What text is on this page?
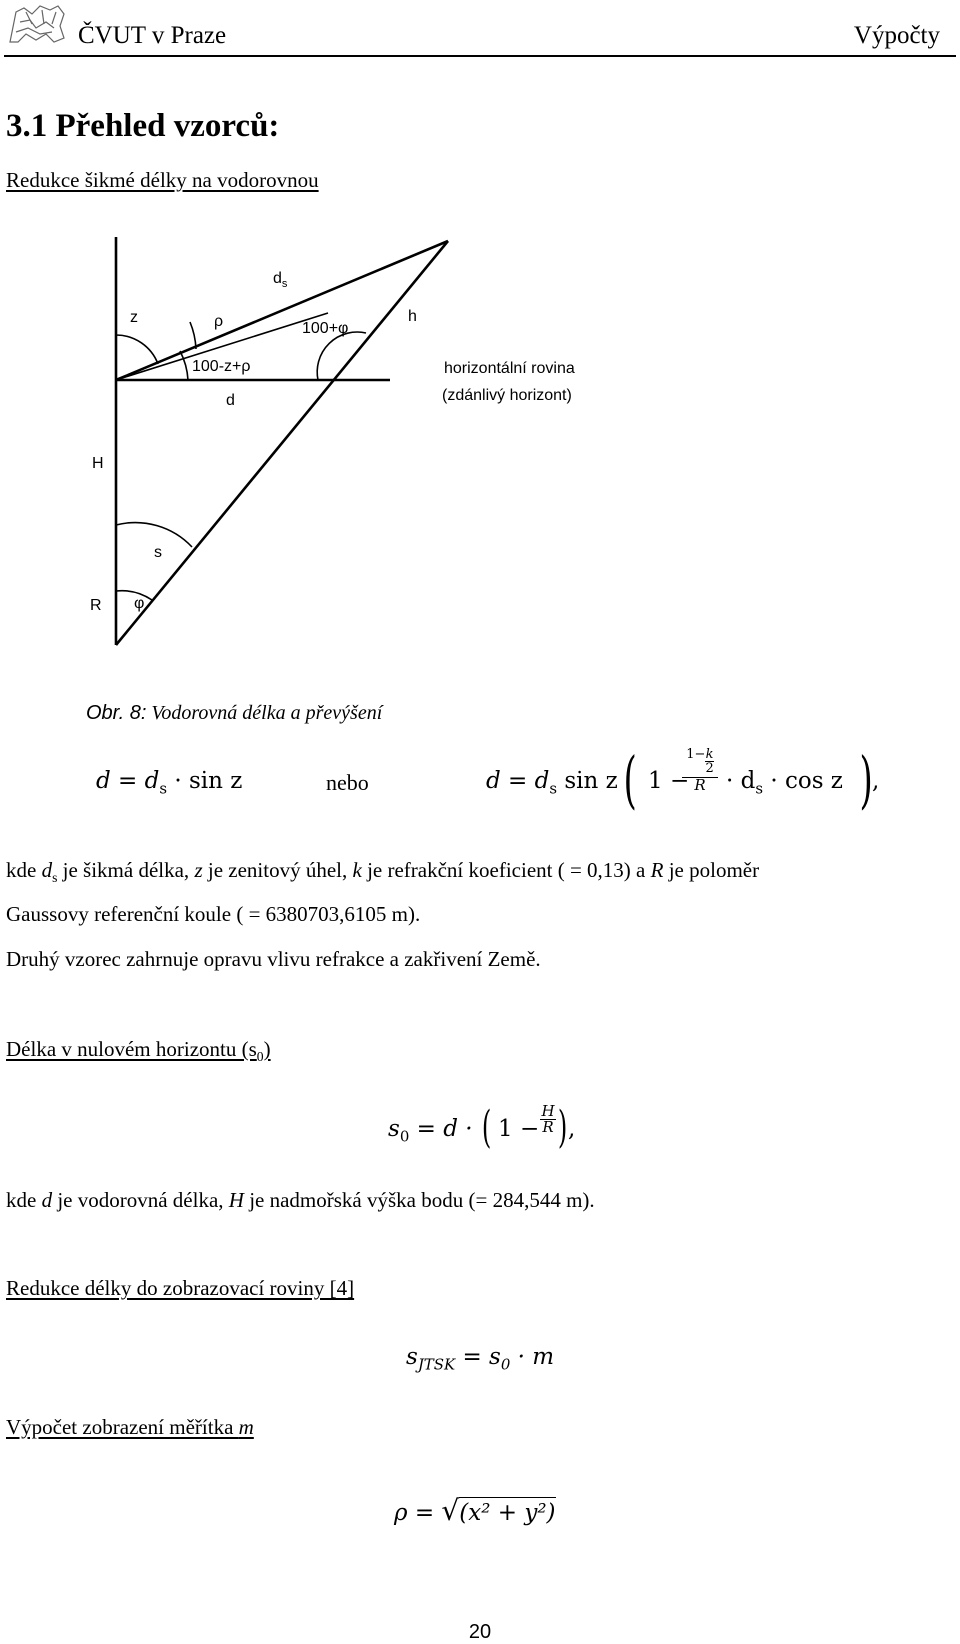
ČVUT v Praze	Výpočty
3.1 Přehled vzorců:
Redukce šikmé délky na vodorovnou
z	ρ
$d_s$
100+φ
h
100-z+ρ
d
horizontální rovina
(zdánlivý horizont)
H
s
R φ
Obr. 8: Vodorovná délka a převýšení
$d = d_s \cdot \sin z$	nebo	$d = d_s$ sin z ( 1 −
$1-\frac{k}{2}$
$R \cdot d_s \cdot \cos z$ ) ,
kde $d_s$ je šikmá délka, z je zenitový úhel, k je refrakční koeficient ( = 0,13) a R je poloměr
Gaussovy referenční koule ( = 6380703,6105 m).
Druhý vzorec zahrnuje opravu vlivu refrakce a zakřivení Země.
Délka v nulovém horizontu $(s_0)$
$s_0 = d$ · ( 1 −
H
R ) ,
kde d je vodorovná délka, H je nadmořská výška bodu (= 284,544 m).
Redukce délky do zobrazovací roviny [4]
$s_{JTSK} = s_0 \cdot m$
Výpočet zobrazení měřítka m
ρ = √(x² + y²)
20
